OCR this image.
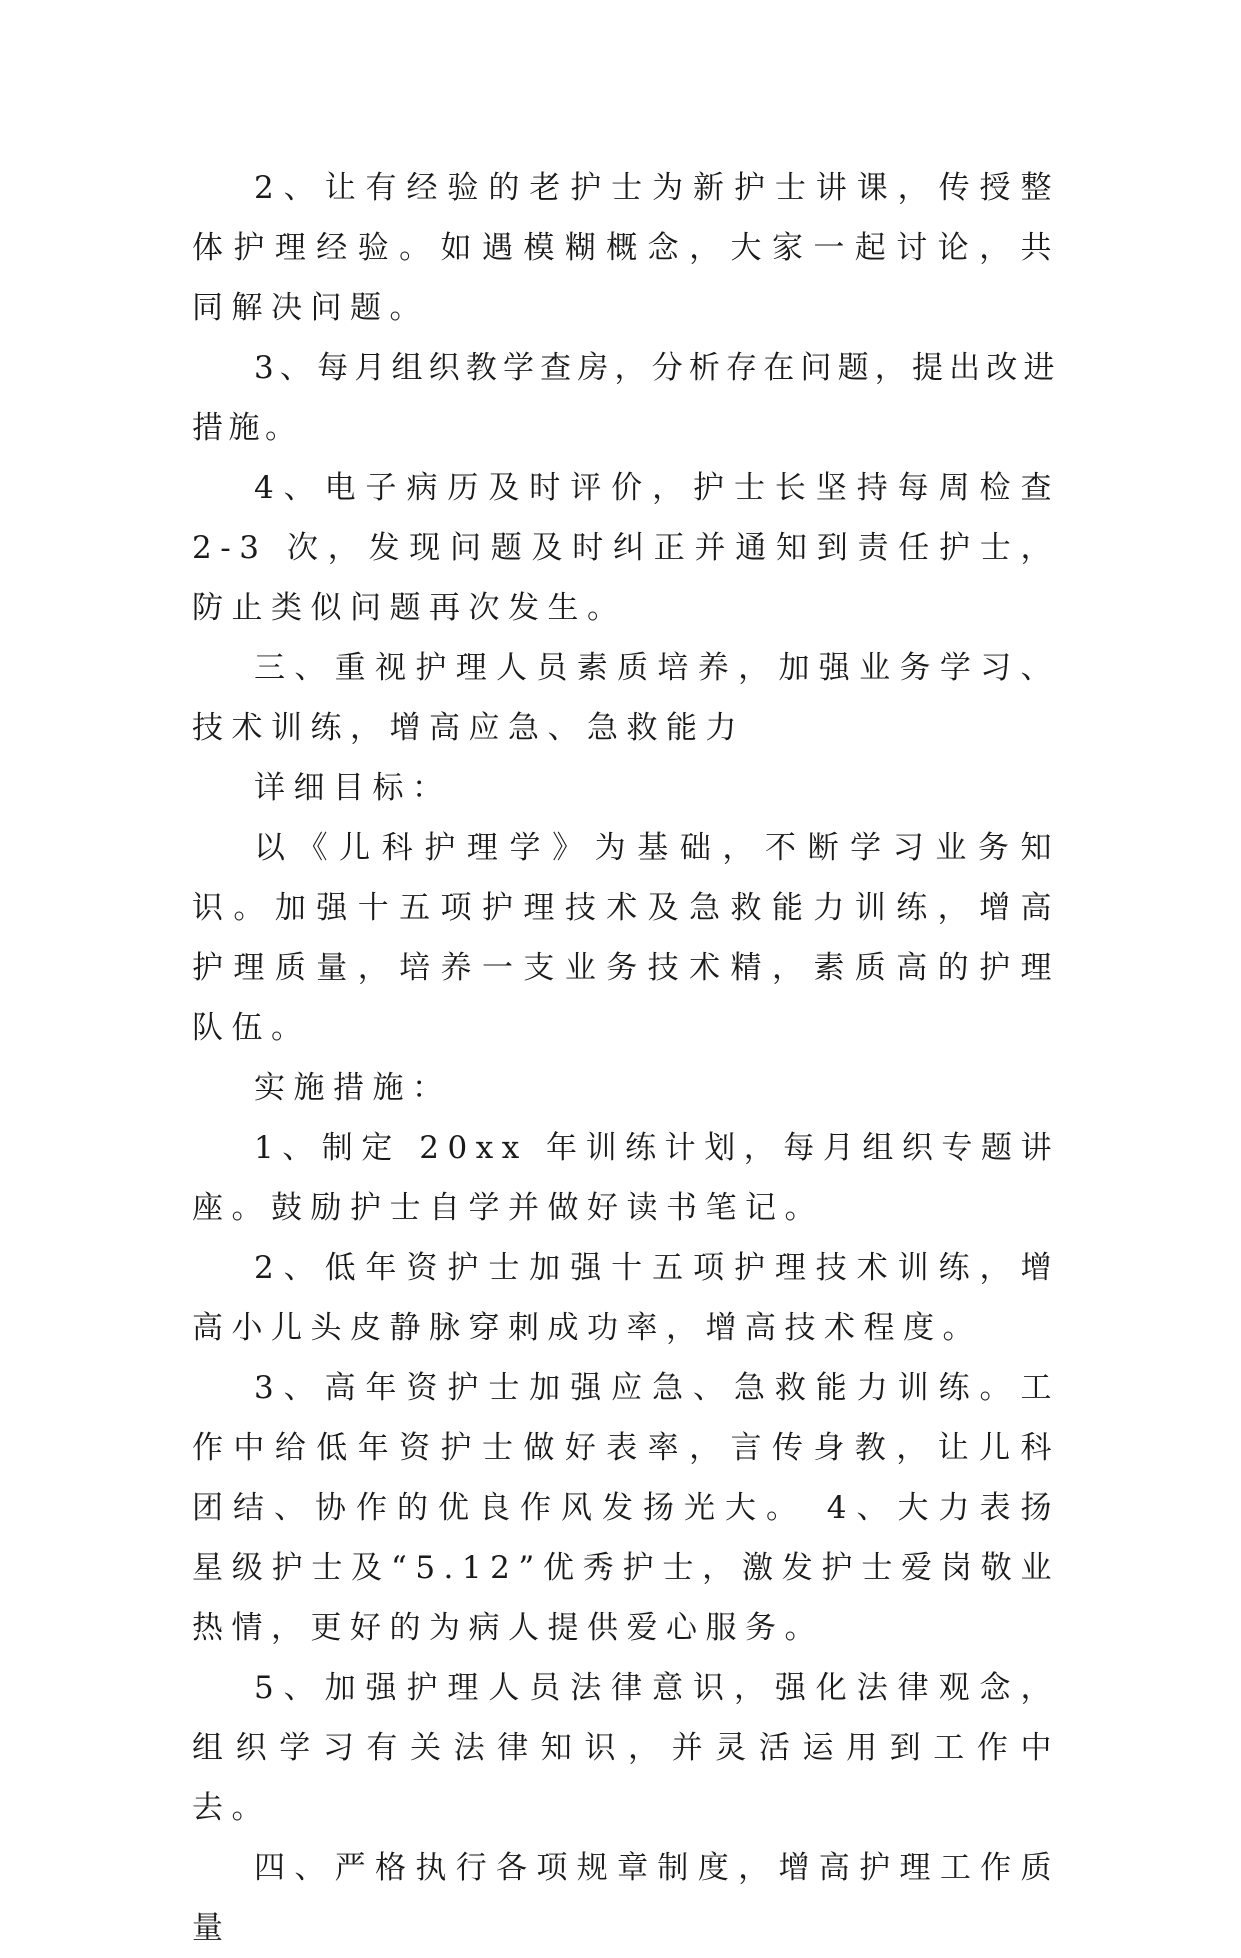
2、让有经验的老护士为新护士讲课，传授整体护理经验。如遇模糊概念，大家一起讨论，共同解决问题。

3、每月组织教学查房，分析存在问题，提出改进措施。

4、电子病历及时评价，护士长坚持每周检查 2-3 次，发现问题及时纠正并通知到责任护士，防止类似问题再次发生。

三、重视护理人员素质培养，加强业务学习、技术训练，增高应急、急救能力

详细目标：

以《儿科护理学》为基础，不断学习业务知识。加强十五项护理技术及急救能力训练，增高护理质量，培养一支业务技术精，素质高的护理队伍。

实施措施：

1、制定 20xx 年训练计划，每月组织专题讲座。鼓励护士自学并做好读书笔记。

2、低年资护士加强十五项护理技术训练，增高小儿头皮静脉穿刺成功率，增高技术程度。

3、高年资护士加强应急、急救能力训练。工作中给低年资护士做好表率，言传身教，让儿科团结、协作的优良作风发扬光大。 4、大力表扬星级护士及“5.12”优秀护士，激发护士爱岗敬业热情，更好的为病人提供爱心服务。

5、加强护理人员法律意识，强化法律观念，组织学习有关法律知识，并灵活运用到工作中去。

四、严格执行各项规章制度，增高护理工作质量
